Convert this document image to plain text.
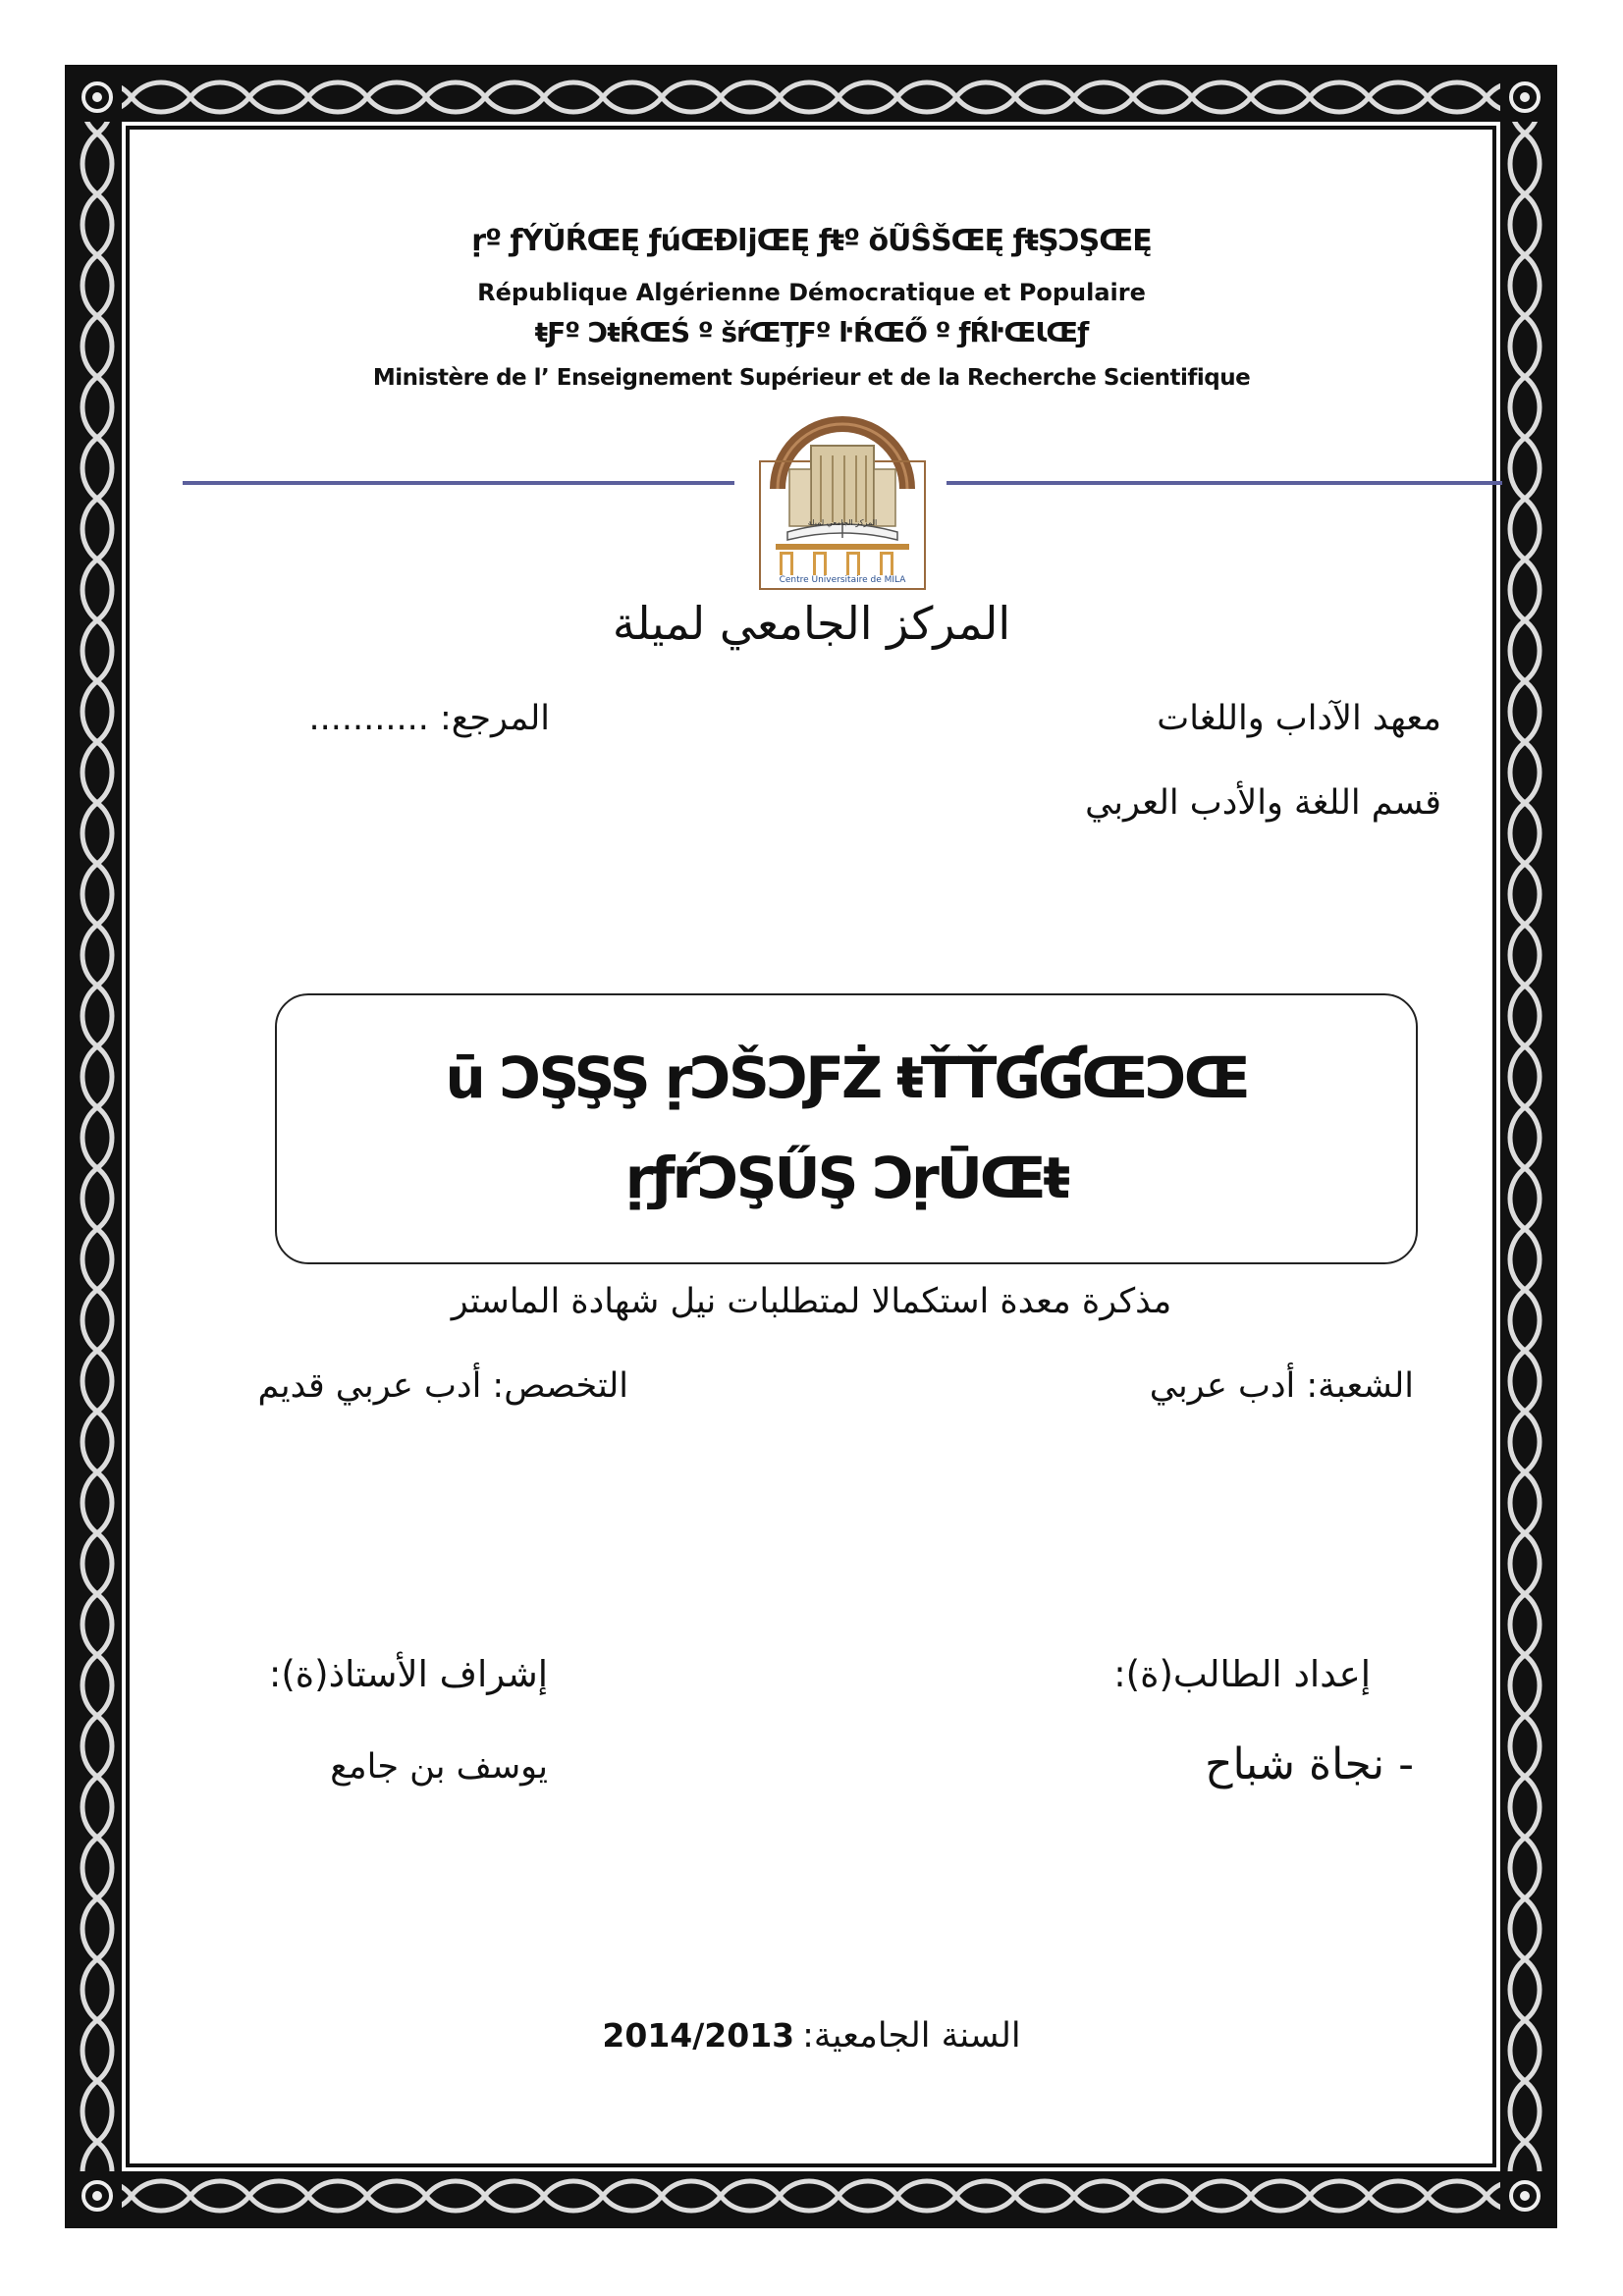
ṛº ƒÝŬŔŒĘ ƒúŒĐǉŒĘ ƒŧº ŏŨŜŠŒĘ ƒŧŞƆŞŒĘ
République Algérienne Démocratique et Populaire
ŧƑº ƆŧŔŒŚ º šŕŒŢƑº ŀŔŒŐ º ƒŔŀŒƖŒƒ
Ministère de l’ Enseignement Supérieur et de la Recherche Scientifique
المركز الجامعي لميلة
Centre Universitaire de MILA
المركز الجامعي لميلة
معهد الآداب واللغات
المرجع: ...........
قسم اللغة والأدب العربي
ū ƆŞŞŞ ṛƆŠƆƑŻ ŧŤŤƓƓŒƆŒ
ṛƒŕƆŞŰŞ ƆṛŪŒŧ
مذكرة معدة استكمالا لمتطلبات نيل شهادة الماستر
الشعبة: أدب عربي
التخصص: أدب عربي قديم
إعداد الطالب(ة):
إشراف الأستاذ(ة):
- نجاة شباح
يوسف بن جامع
السنة الجامعية:
2014/2013
